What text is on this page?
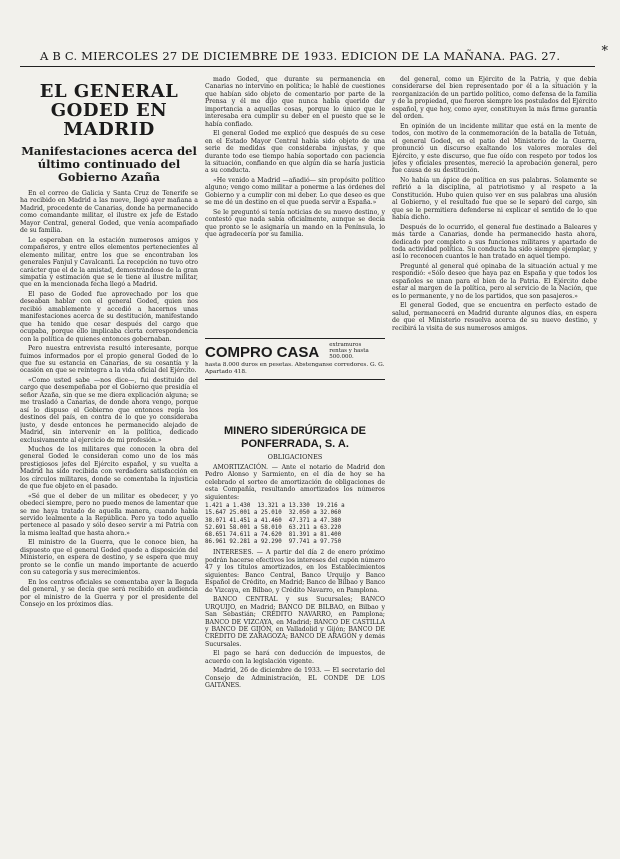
A B C. MIERCOLES 27 DE DICIEMBRE DE 1933. EDICION DE LA MAÑANA. PAG. 27.	*
EL GENERAL GODED EN MADRID
Manifestaciones acerca del último continuado del Gobierno Azaña

En el correo de Galicia y Santa Cruz de Tenerife se ha recibido en Madrid a las nueve, llegó ayer mañana a Madrid, procedente de Canarias, donde ha permanecido como comandante militar, el ilustre ex jefe de Estado Mayor Central, general Goded, que venía acompañado de su familia.

Le esperaban en la estación numerosos amigos y compañeros, y entre ellos elementos pertenecientes al elemento militar, entre los que se encontraban los generales Fanjul y Cavalcanti. La recepción no tuvo otro carácter que el de la amistad, demostrándose de la gran simpatía y estimación que se le tiene al ilustre militar, que en la mencionada fecha llegó a Madrid.

El paso de Goded fue aprovechado por los que deseaban hablar con el general Goded, quien nos recibió amablemente y accedió a hacernos unas manifestaciones acerca de su destitución, manifestando que ha tenido que cesar después del cargo que ocupaba, porque ello implicaba cierta correspondencia con la política de quienes entonces gobernaban.

Pero nuestra entrevista resultó interesante, porque fuimos informados por el propio general Goded de lo que fue su estancia en Canarias, de su cesantía y la ocasión en que se reintegra a la vida oficial del Ejército.

«Como usted sabe —nos dice—, fui destituido del cargo que desempeñaba por el Gobierno que presidía el señor Azaña, sin que se me diera explicación alguna; se me trasladó a Canarias, de donde ahora vengo, porque así lo dispuso el Gobierno que entonces regía los destinos del país, en contra de lo que yo consideraba justo, y desde entonces he permanecido alejado de Madrid, sin intervenir en la política, dedicado exclusivamente al ejercicio de mi profesión.»

Muchos de los militares que conocen la obra del general Goded le consideran como uno de los más prestigiosos jefes del Ejército español, y su vuelta a Madrid ha sido recibida con verdadera satisfacción en los círculos militares, donde se comentaba la injusticia de que fue objeto en el pasado.

«Sé que el deber de un militar es obedecer, y yo obedecí siempre, pero no puedo menos de lamentar que se me haya tratado de aquella manera, cuando había servido lealmente a la República. Pero ya todo aquello pertenece al pasado y sólo deseo servir a mi Patria con la misma lealtad que hasta ahora.»

El ministro de la Guerra, que le conoce bien, ha dispuesto que el general Goded quede a disposición del Ministerio, en espera de destino, y se espera que muy pronto se le confíe un mando importante de acuerdo con su categoría y sus merecimientos.

En los centros oficiales se comentaba ayer la llegada del general, y se decía que será recibido en audiencia por el ministro de la Guerra y por el presidente del Consejo en los próximos días.

mado Goded, que durante su permanencia en Canarias no intervino en política; le hablé de cuestiones que habían sido objeto de comentario por parte de la Prensa y él me dijo que nunca había querido dar importancia a aquellas cosas, porque lo único que le interesaba era cumplir su deber en el puesto que se le había confiado.

El general Goded me explicó que después de su cese en el Estado Mayor Central había sido objeto de una serie de medidas que consideraba injustas, y que durante todo ese tiempo había soportado con paciencia la situación, confiando en que algún día se haría justicia a su conducta.

«He venido a Madrid —añadió— sin propósito político alguno; vengo como militar a ponerme a las órdenes del Gobierno y a cumplir con mi deber. Lo que deseo es que se me dé un destino en el que pueda servir a España.»

Se le preguntó si tenía noticias de su nuevo destino, y contestó que nada sabía oficialmente, aunque se decía que pronto se le asignaría un mando en la Península, lo que agradecería por su familia.

COMPRO CASA extramuros rentas y hasta 500.000.
hasta 8.000 duros en pesetas. Abstenganse corredores. G. G. Apartado 418.
MINERO SIDERÚRGICA DE PONFERRADA, S. A.
OBLIGACIONES

AMORTIZACIÓN. — Ante el notario de Madrid don Pedro Alonso y Sarmiento, en el día de hoy se ha celebrado el sorteo de amortización de obligaciones de esta Compañía, resultando amortizados los números siguientes:

1.421 a 1.430  13.321 a 13.330  19.216 a
15.647 25.001 a 25.010  32.050 a 32.060
38.071 41.451 a 41.460  47.371 a 47.380
52.691 58.001 a 58.010  63.211 a 63.220
68.651 74.611 a 74.620  81.391 a 81.400
86.961 92.281 a 92.290  97.741 a 97.750

INTERESES. — A partir del día 2 de enero próximo podrán hacerse efectivos los intereses del cupón número 47 y los títulos amortizados, en los Establecimientos siguientes: Banco Central, Banco Urquijo y Banco Español de Crédito, en Madrid; Banco de Bilbao y Banco de Vizcaya, en Bilbao, y Crédito Navarro, en Pamplona.

BANCO CENTRAL y sus Sucursales; BANCO URQUIJO, en Madrid; BANCO DE BILBAO, en Bilbao y San Sebastián; CRÉDITO NAVARRO, en Pamplona; BANCO DE VIZCAYA, en Madrid; BANCO DE CASTILLA y BANCO DE GIJÓN, en Valladolid y Gijón; BANCO DE CRÉDITO DE ZARAGOZA; BANCO DE ARAGÓN y demás Sucursales.

El pago se hará con deducción de impuestos, de acuerdo con la legislación vigente.

Madrid, 26 de diciembre de 1933. — El secretario del Consejo de Administración, EL CONDE DE LOS GAITANES.

del general, como un Ejército de la Patria, y que debía considerarse del bien representado por él a la situación y la reorganización de un partido político, como defensa de la familia y de la propiedad, que fueron siempre los postulados del Ejército español, y que hoy, como ayer, constituyen la más firme garantía del orden.

En opinión de un incidente militar que está en la mente de todos, con motivo de la conmemoración de la batalla de Tetuán, el general Goded, en el patio del Ministerio de la Guerra, pronunció un discurso exaltando los valores morales del Ejército, y este discurso, que fue oído con respeto por todos los jefes y oficiales presentes, mereció la aprobación general, pero fue causa de su destitución.

No había un ápice de política en sus palabras. Solamente se refirió a la disciplina, al patriotismo y al respeto a la Constitución. Hubo quien quiso ver en sus palabras una alusión al Gobierno, y el resultado fue que se le separó del cargo, sin que se le permitiera defenderse ni explicar el sentido de lo que había dicho.

Después de lo ocurrido, el general fue destinado a Baleares y más tarde a Canarias, donde ha permanecido hasta ahora, dedicado por completo a sus funciones militares y apartado de toda actividad política. Su conducta ha sido siempre ejemplar, y así lo reconocen cuantos le han tratado en aquel tiempo.

Pregunté al general qué opinaba de la situación actual y me respondió: «Sólo deseo que haya paz en España y que todos los españoles se unan para el bien de la Patria. El Ejército debe estar al margen de la política, pero al servicio de la Nación, que es lo permanente, y no de los partidos, que son pasajeros.»

El general Goded, que se encuentra en perfecto estado de salud, permanecerá en Madrid durante algunos días, en espera de que el Ministerio resuelva acerca de su nuevo destino, y recibirá la visita de sus numerosos amigos.
